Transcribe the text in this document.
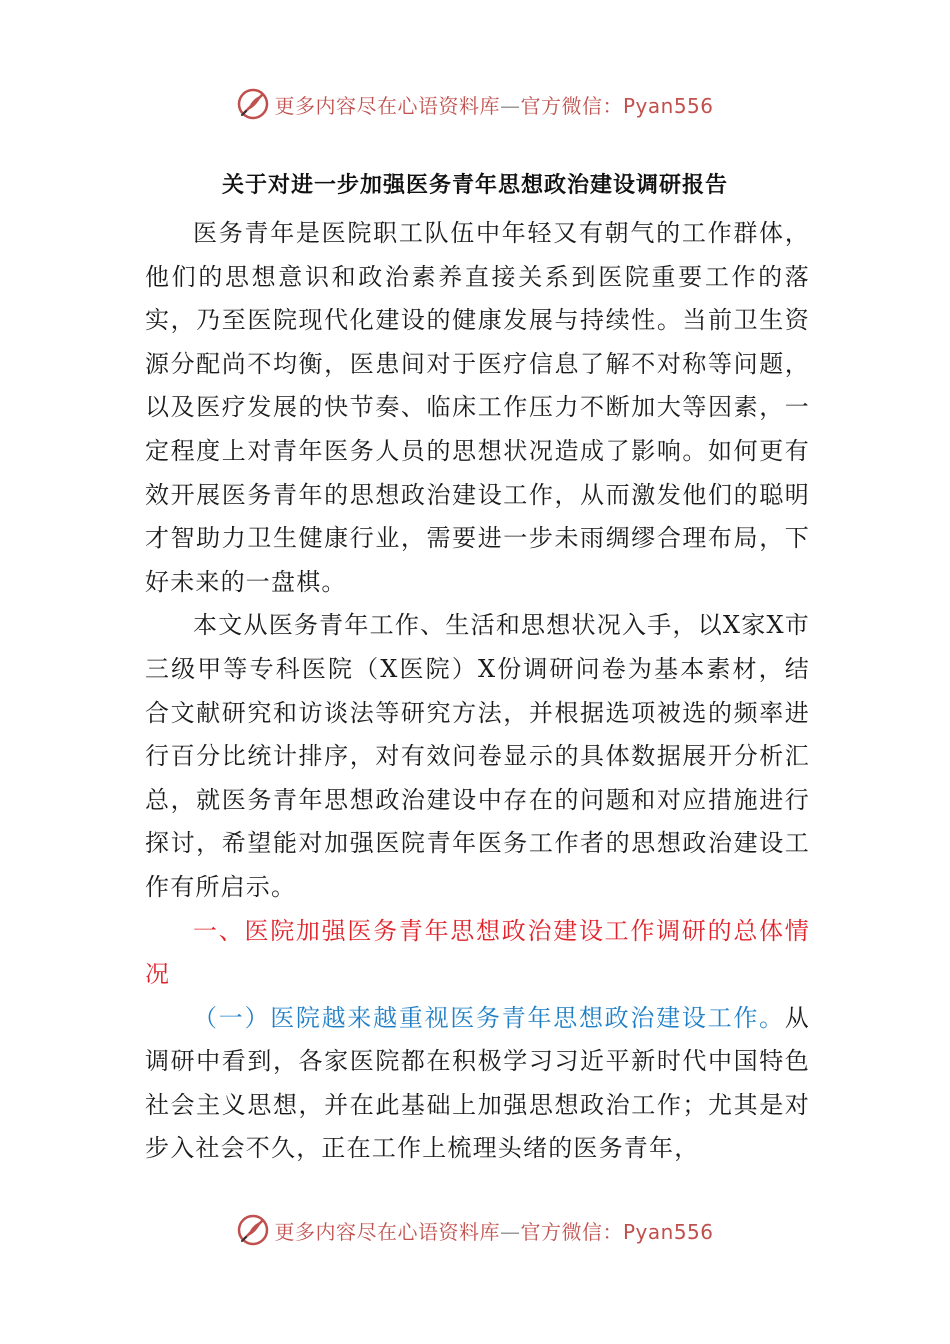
更多内容尽在心语资料库—官方微信：Pyan556
关于对进一步加强医务青年思想政治建设调研报告

医务青年是医院职工队伍中年轻又有朝气的工作群体，他们的思想意识和政治素养直接关系到医院重要工作的落实，乃至医院现代化建设的健康发展与持续性。当前卫生资源分配尚不均衡，医患间对于医疗信息了解不对称等问题，以及医疗发展的快节奏、临床工作压力不断加大等因素，一定程度上对青年医务人员的思想状况造成了影响。如何更有效开展医务青年的思想政治建设工作，从而激发他们的聪明才智助力卫生健康行业，需要进一步未雨绸缪合理布局，下好未来的一盘棋。

本文从医务青年工作、生活和思想状况入手，以X家X市三级甲等专科医院（X医院）X份调研问卷为基本素材，结合文献研究和访谈法等研究方法，并根据选项被选的频率进行百分比统计排序，对有效问卷显示的具体数据展开分析汇总，就医务青年思想政治建设中存在的问题和对应措施进行探讨，希望能对加强医院青年医务工作者的思想政治建设工作有所启示。

一、医院加强医务青年思想政治建设工作调研的总体情况

（一）医院越来越重视医务青年思想政治建设工作。从调研中看到，各家医院都在积极学习习近平新时代中国特色社会主义思想，并在此基础上加强思想政治工作；尤其是对步入社会不久，正在工作上梳理头绪的医务青年，

更多内容尽在心语资料库—官方微信：Pyan556
